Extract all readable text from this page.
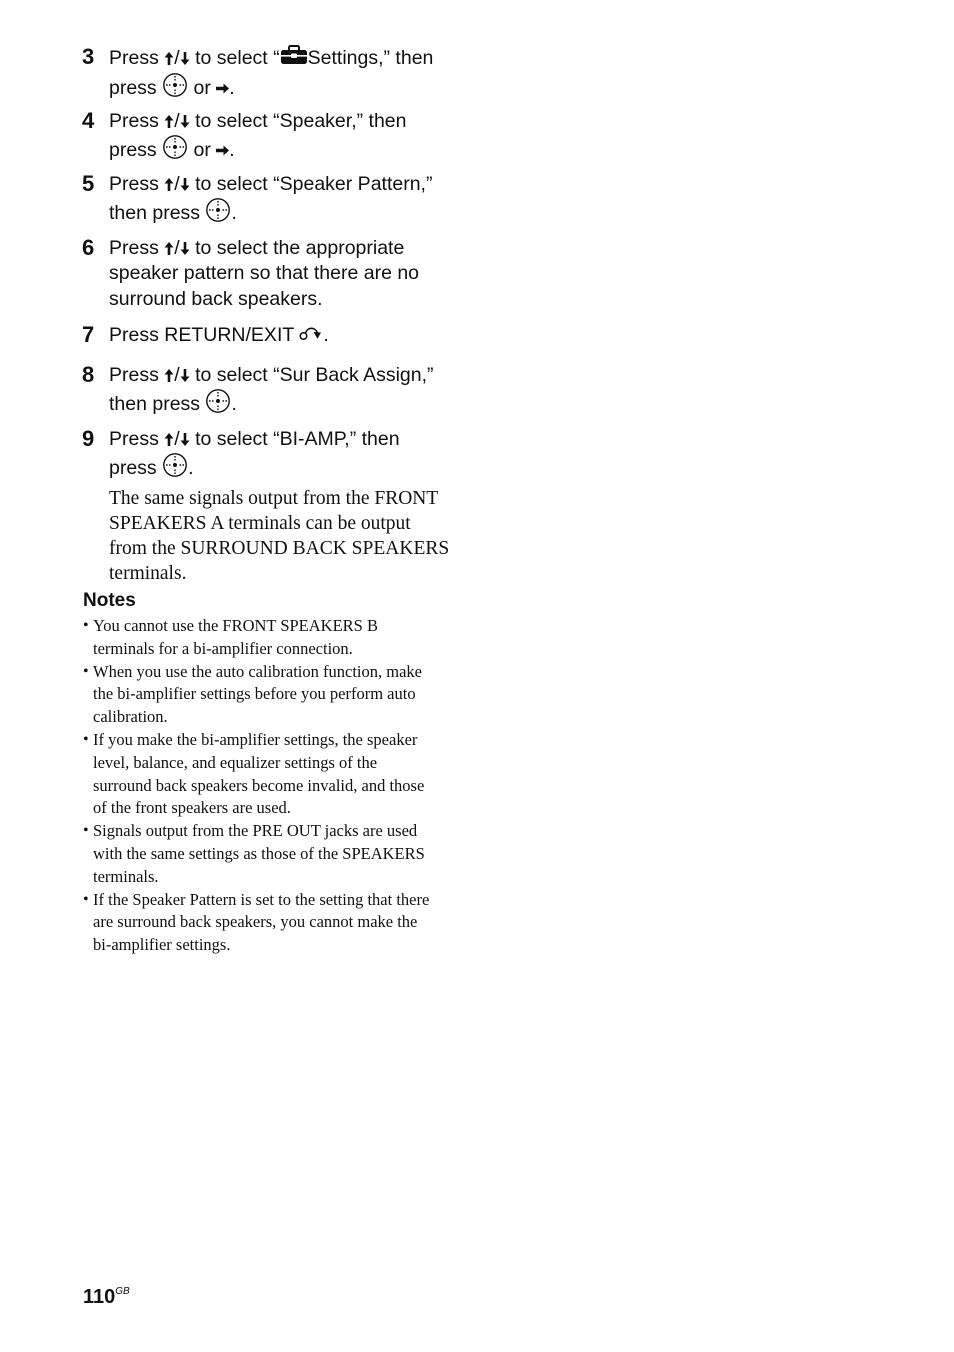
3 Press / to select “ Settings,” then
press  or .
4 Press / to select “Speaker,” then
press  or .
5 Press / to select “Speaker Pattern,”
then press .
6 Press / to select the appropriate
speaker pattern so that there are no
surround back speakers.
7 Press RETURN/EXIT .
8 Press / to select “Sur Back Assign,”
then press .
9 Press / to select “BI-AMP,” then
press .
The same signals output from the FRONT
SPEAKERS A terminals can be output
from the SURROUND BACK SPEAKERS
terminals.
Notes
• You cannot use the FRONT SPEAKERS B
terminals for a bi-amplifier connection.
• When you use the auto calibration function, make
the bi-amplifier settings before you perform auto
calibration.
• If you make the bi-amplifier settings, the speaker
level, balance, and equalizer settings of the
surround back speakers become invalid, and those
of the front speakers are used.
• Signals output from the PRE OUT jacks are used
with the same settings as those of the SPEAKERS
terminals.
• If the Speaker Pattern is set to the setting that there
are surround back speakers, you cannot make the
bi-amplifier settings.
$110^{GB}$
